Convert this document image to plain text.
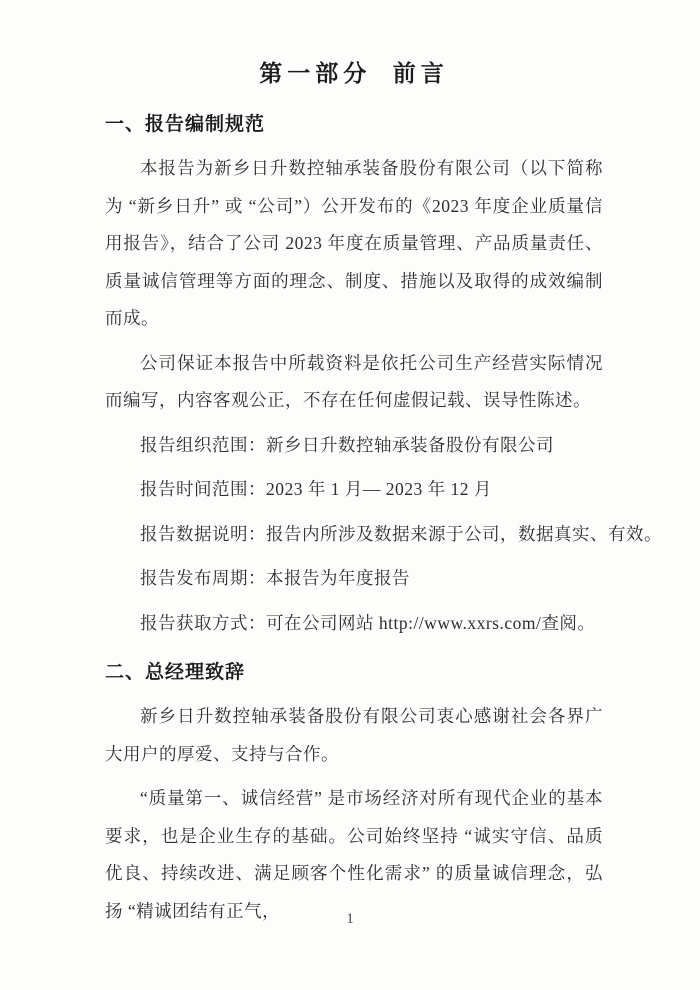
第一部分  前言
一、报告编制规范

本报告为新乡日升数控轴承装备股份有限公司（以下简称为 “新乡日升” 或 “公司”）公开发布的《2023 年度企业质量信用报告》，结合了公司 2023 年度在质量管理、产品质量责任、质量诚信管理等方面的理念、制度、措施以及取得的成效编制而成。

公司保证本报告中所载资料是依托公司生产经营实际情况而编写，内容客观公正，不存在任何虚假记载、误导性陈述。

报告组织范围：新乡日升数控轴承装备股份有限公司

报告时间范围：2023 年 1 月— 2023 年 12 月

报告数据说明：报告内所涉及数据来源于公司，数据真实、有效。

报告发布周期：本报告为年度报告

报告获取方式：可在公司网站 http://www.xxrs.com/查阅。

二、总经理致辞

新乡日升数控轴承装备股份有限公司衷心感谢社会各界广大用户的厚爱、支持与合作。

“质量第一、诚信经营” 是市场经济对所有现代企业的基本要求，也是企业生存的基础。公司始终坚持 “诚实守信、品质优良、持续改进、满足顾客个性化需求” 的质量诚信理念，弘扬 “精诚团结有正气，	1
